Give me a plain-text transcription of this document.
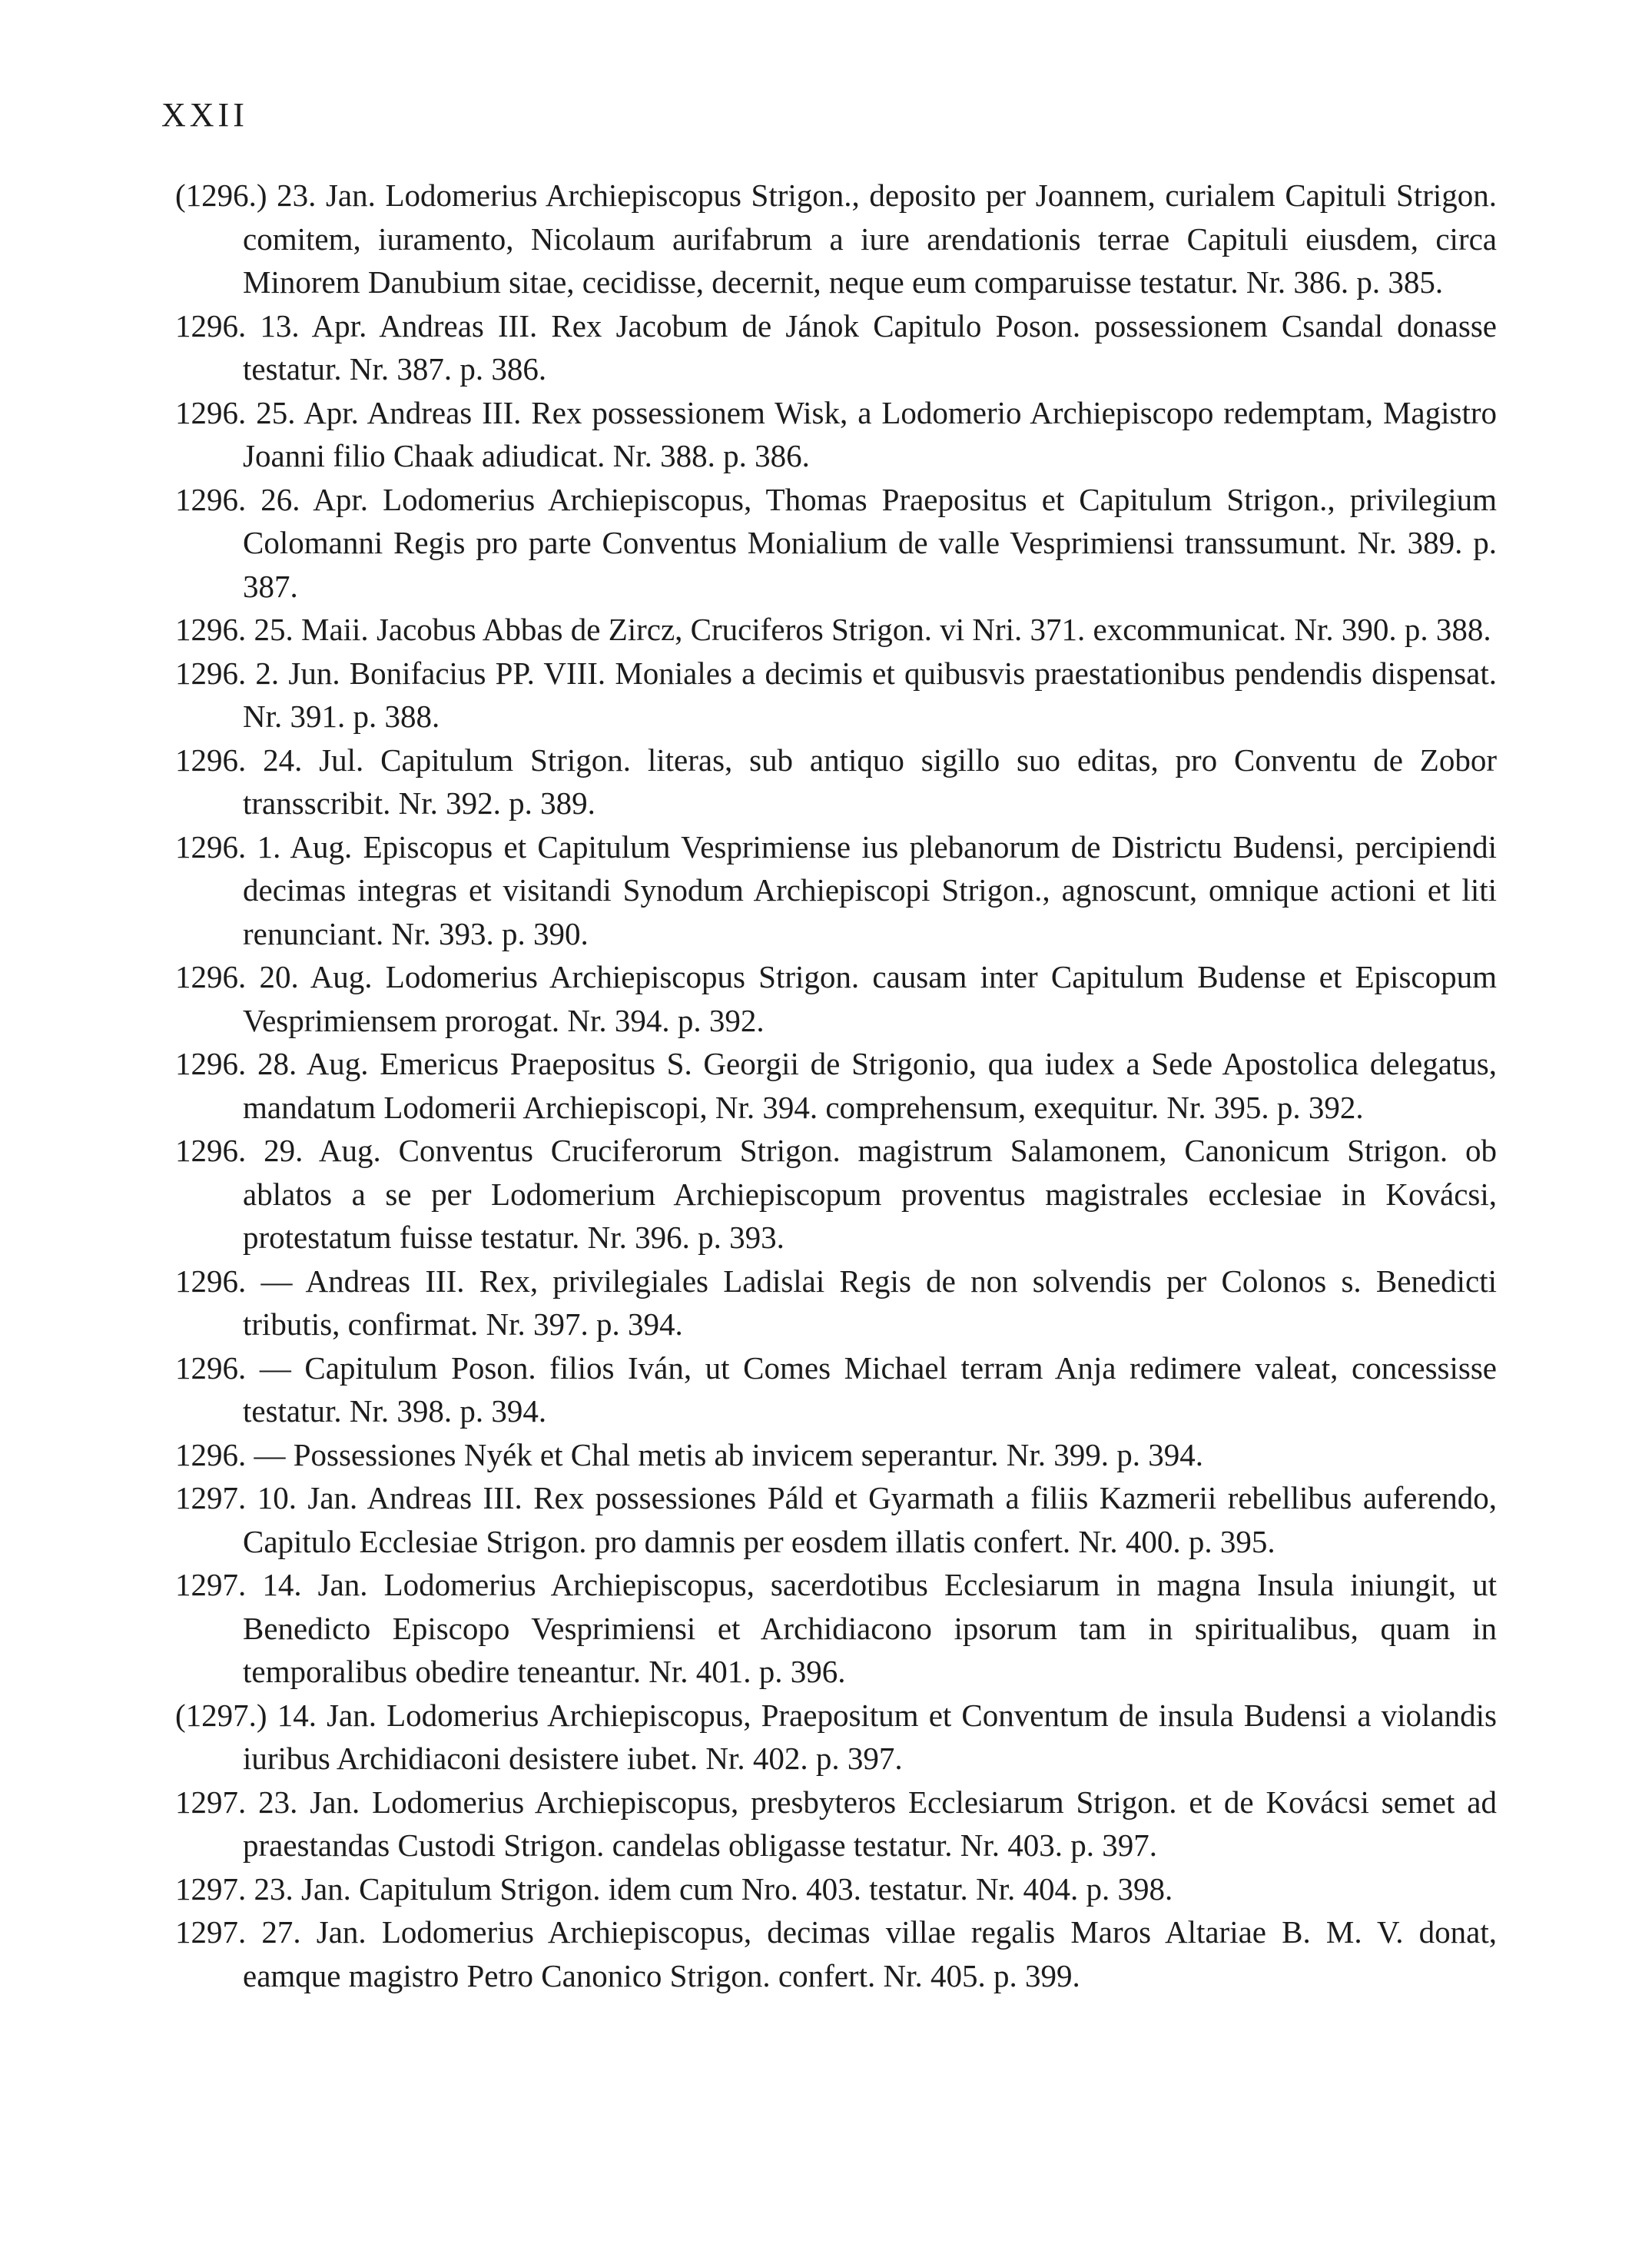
XXII

(1296.) 23. Jan. Lodomerius Archiepiscopus Strigon., deposito per Joannem, curialem Capituli Strigon. comitem, iuramento, Nicolaum aurifabrum a iure arendationis terrae Capituli eiusdem, circa Minorem Danubium sitae, cecidisse, decernit, neque eum comparuisse testatur. Nr. 386. p. 385.

1296. 13. Apr. Andreas III. Rex Jacobum de Jánok Capitulo Poson. possessionem Csandal donasse testatur. Nr. 387. p. 386.

1296. 25. Apr. Andreas III. Rex possessionem Wisk, a Lodomerio Archiepiscopo redemptam, Magistro Joanni filio Chaak adiudicat. Nr. 388. p. 386.

1296. 26. Apr. Lodomerius Archiepiscopus, Thomas Praepositus et Capitulum Strigon., privilegium Colomanni Regis pro parte Conventus Monialium de valle Vesprimiensi transsumunt. Nr. 389. p. 387.

1296. 25. Maii. Jacobus Abbas de Zircz, Cruciferos Strigon. vi Nri. 371. excommunicat. Nr. 390. p. 388.

1296. 2. Jun. Bonifacius PP. VIII. Moniales a decimis et quibusvis praestationibus pendendis dispensat. Nr. 391. p. 388.

1296. 24. Jul. Capitulum Strigon. literas, sub antiquo sigillo suo editas, pro Conventu de Zobor transscribit. Nr. 392. p. 389.

1296. 1. Aug. Episcopus et Capitulum Vesprimiense ius plebanorum de Districtu Budensi, percipiendi decimas integras et visitandi Synodum Archiepiscopi Strigon., agnoscunt, omnique actioni et liti renunciant. Nr. 393. p. 390.

1296. 20. Aug. Lodomerius Archiepiscopus Strigon. causam inter Capitulum Budense et Episcopum Vesprimiensem prorogat. Nr. 394. p. 392.

1296. 28. Aug. Emericus Praepositus S. Georgii de Strigonio, qua iudex a Sede Apostolica delegatus, mandatum Lodomerii Archiepiscopi, Nr. 394. comprehensum, exequitur. Nr. 395. p. 392.

1296. 29. Aug. Conventus Cruciferorum Strigon. magistrum Salamonem, Canonicum Strigon. ob ablatos a se per Lodomerium Archiepiscopum proventus magistrales ecclesiae in Kovácsi, protestatum fuisse testatur. Nr. 396. p. 393.

1296. — Andreas III. Rex, privilegiales Ladislai Regis de non solvendis per Colonos s. Benedicti tributis, confirmat. Nr. 397. p. 394.

1296. — Capitulum Poson. filios Iván, ut Comes Michael terram Anja redimere valeat, concessisse testatur. Nr. 398. p. 394.

1296. — Possessiones Nyék et Chal metis ab invicem seperantur. Nr. 399. p. 394.

1297. 10. Jan. Andreas III. Rex possessiones Páld et Gyarmath a filiis Kazmerii rebellibus auferendo, Capitulo Ecclesiae Strigon. pro damnis per eosdem illatis confert. Nr. 400. p. 395.

1297. 14. Jan. Lodomerius Archiepiscopus, sacerdotibus Ecclesiarum in magna Insula iniungit, ut Benedicto Episcopo Vesprimiensi et Archidiacono ipsorum tam in spiritualibus, quam in temporalibus obedire teneantur. Nr. 401. p. 396.

(1297.) 14. Jan. Lodomerius Archiepiscopus, Praepositum et Conventum de insula Budensi a violandis iuribus Archidiaconi desistere iubet. Nr. 402. p. 397.

1297. 23. Jan. Lodomerius Archiepiscopus, presbyteros Ecclesiarum Strigon. et de Kovácsi semet ad praestandas Custodi Strigon. candelas obligasse testatur. Nr. 403. p. 397.

1297. 23. Jan. Capitulum Strigon. idem cum Nro. 403. testatur. Nr. 404. p. 398.

1297. 27. Jan. Lodomerius Archiepiscopus, decimas villae regalis Maros Altariae B. M. V. donat, eamque magistro Petro Canonico Strigon. confert. Nr. 405. p. 399.
